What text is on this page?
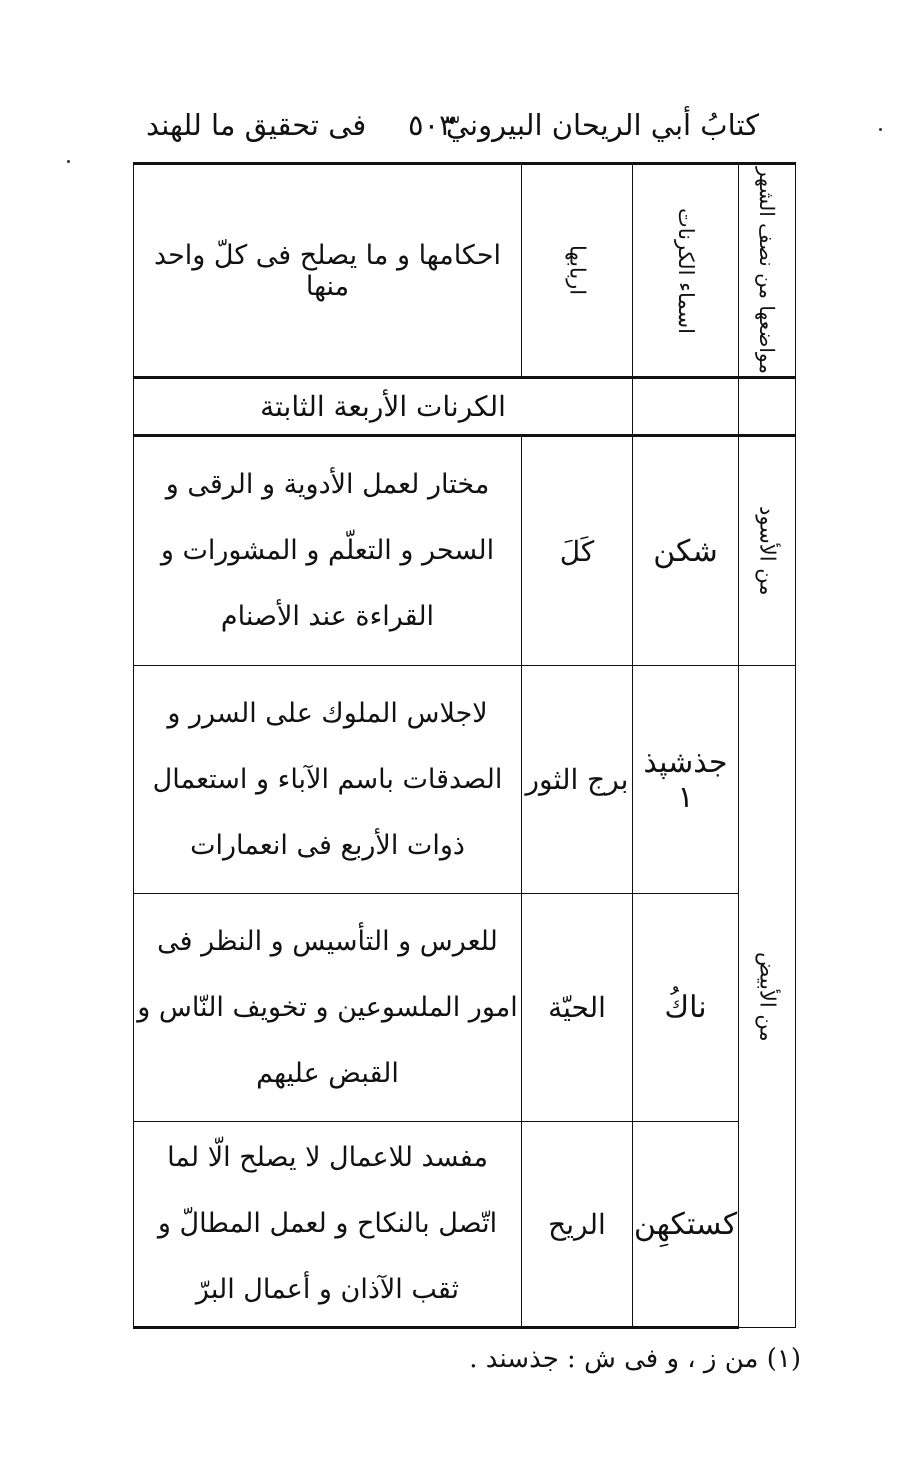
كتابُ أبي الريحان البيرونيّ
٥٠٣
فی تحقیق ما للهند
مواضعها من نصف الشهر	اسماء الكرنات	اربابها	احكامها و ما يصلح فى كلّ واحد منها
		الكرنات الأربعة الثابتة	

من الأسود	شكن	كَلَ	مختار لعمل الأدوية و الرقى و السحر و التعلّم و المشورات و القراءة عند الأصنام

من الأبيض	جذشپذ ١	برج الثور	لاجلاس الملوك على السرر و الصدقات باسم الآباء و استعمال ذوات الأربع فى انعمارات
	ناكُ	الحيّة	للعرس و التأسيس و النظر فى امور الملسوعين و تخويف النّاس و القبض عليهم
	كستكهِن	الريح	مفسد للاعمال لا يصلح الّا لما اتّصل بالنكاح و لعمل المطالّ و ثقب الآذان و أعمال البرّ
(١) من ز ، و فى ش : جذسند .
